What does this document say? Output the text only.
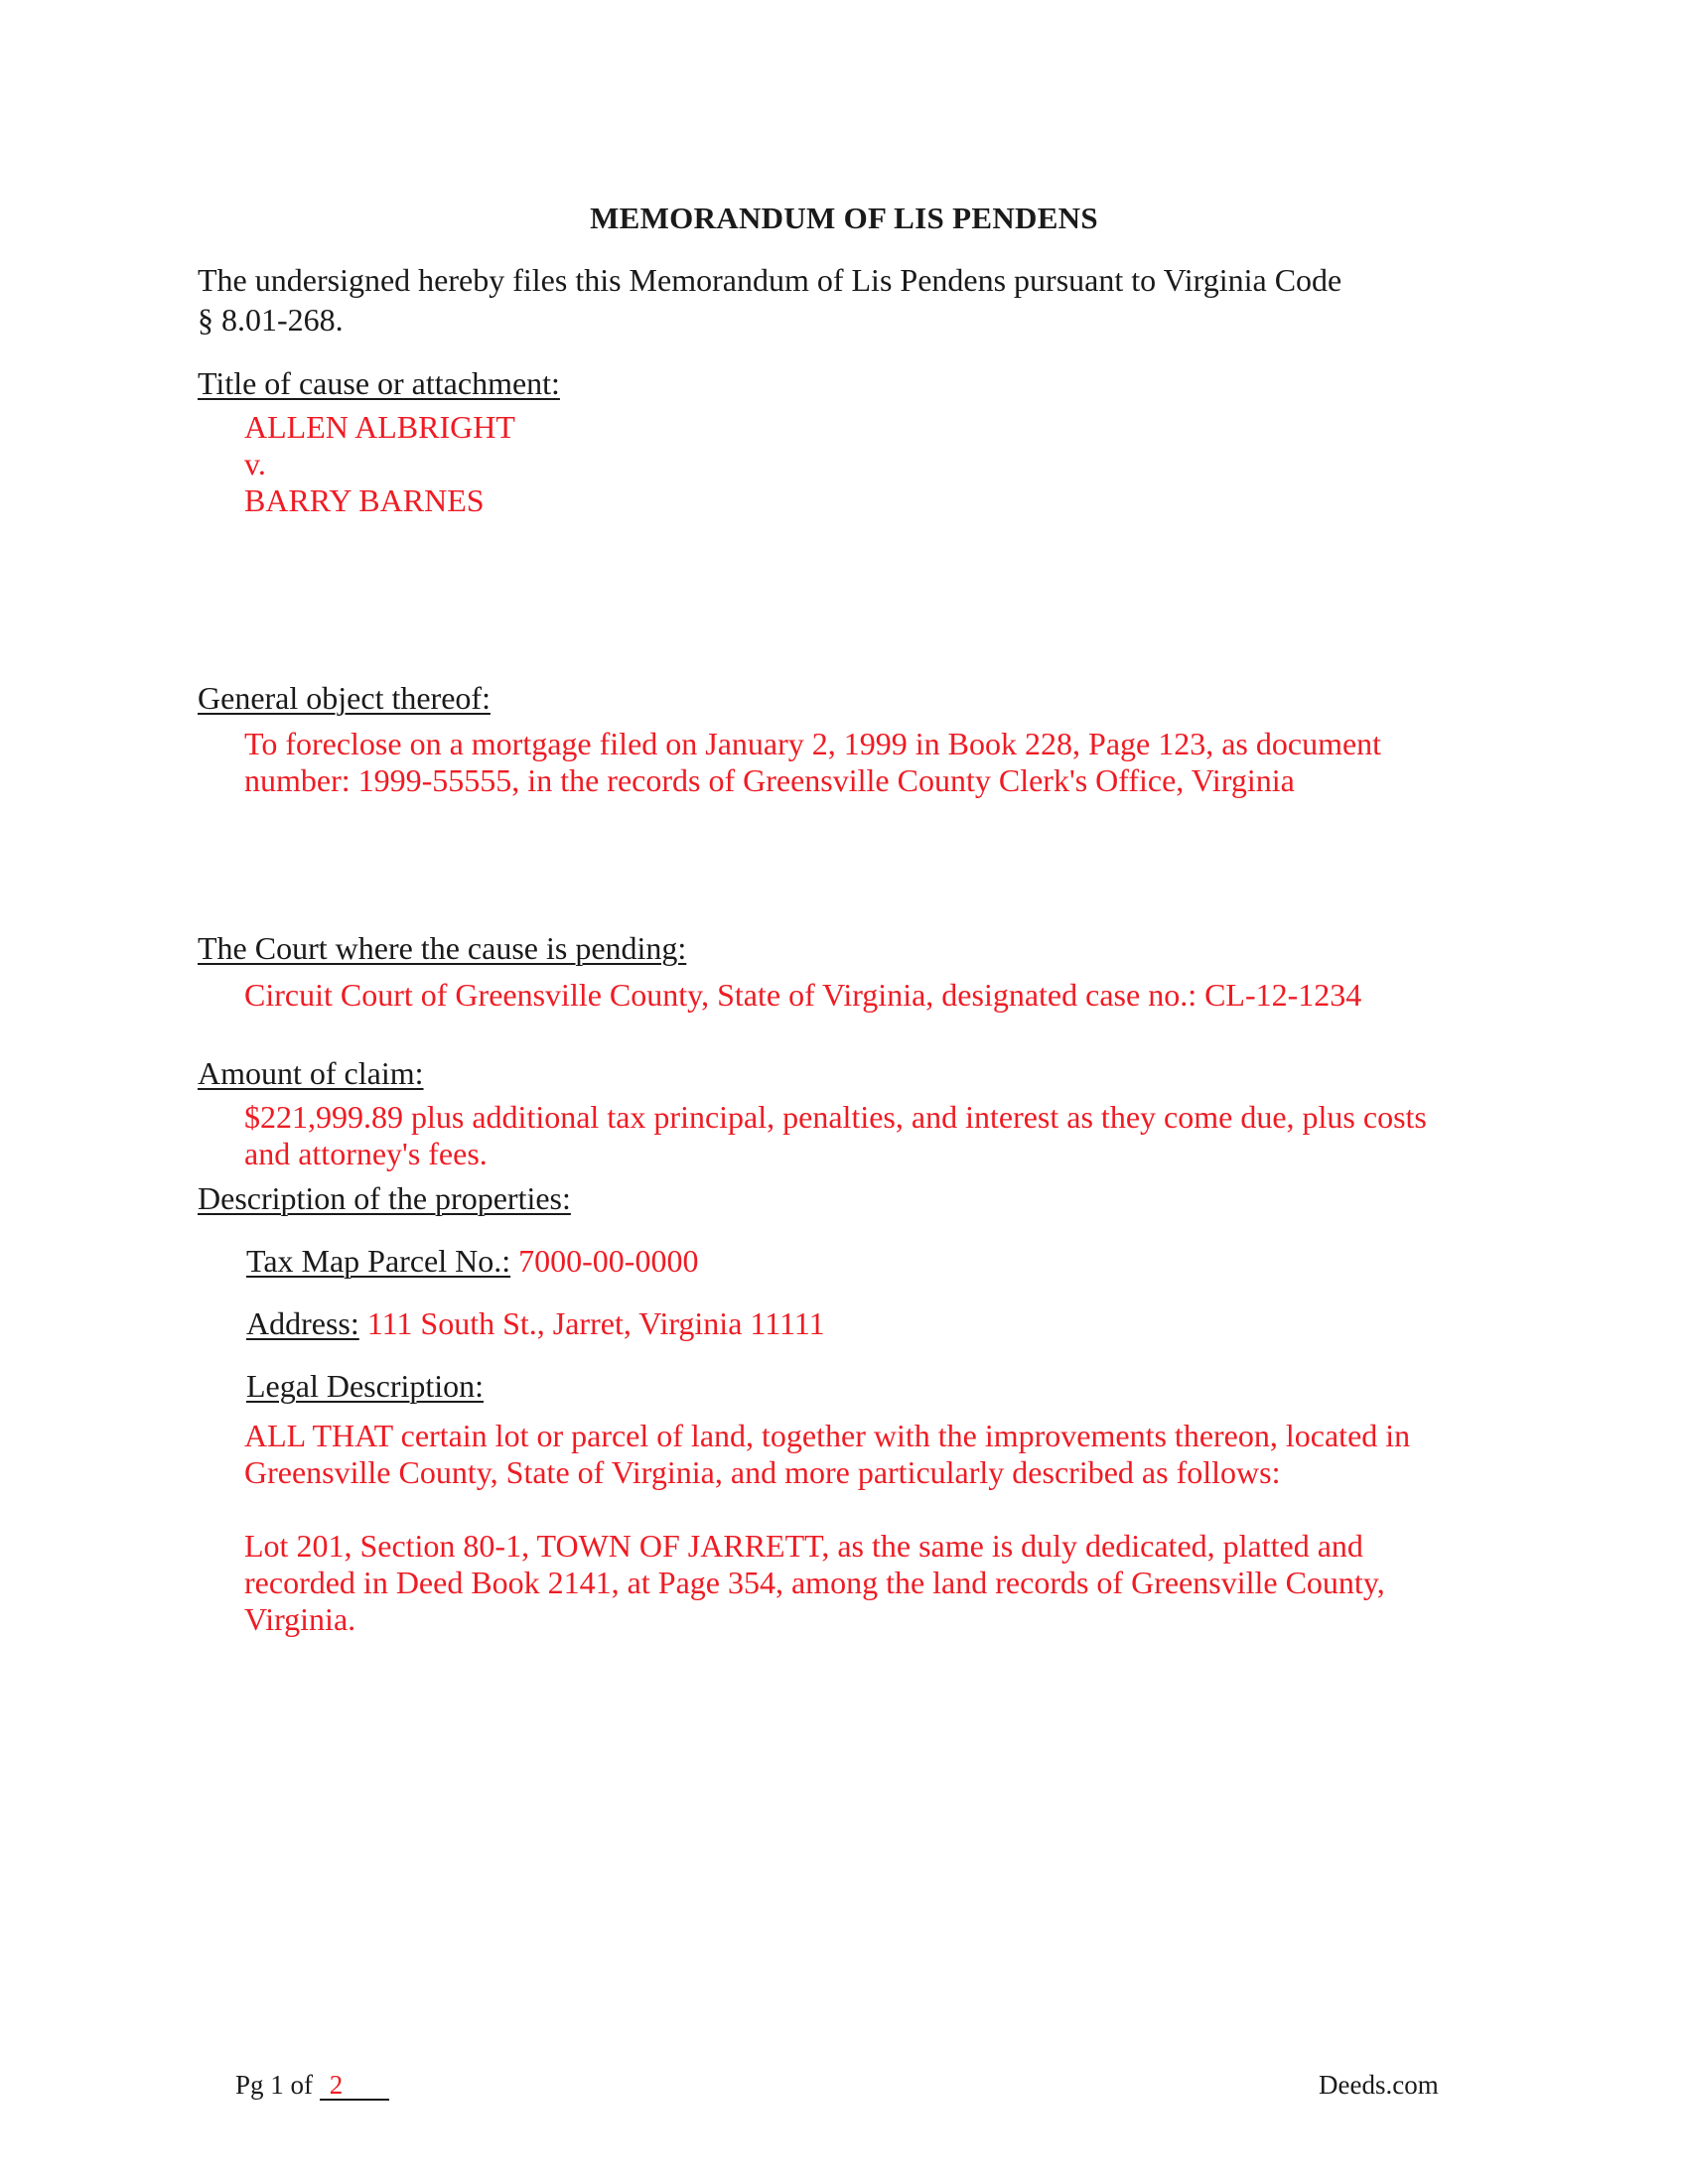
MEMORANDUM OF LIS PENDENS
The undersigned hereby files this Memorandum of Lis Pendens pursuant to Virginia Code
§ 8.01-268.
Title of cause or attachment:
ALLEN ALBRIGHT
v.
BARRY BARNES
General object thereof:
To foreclose on a mortgage filed on January 2, 1999 in Book 228, Page 123, as document
number: 1999-55555, in the records of Greensville County Clerk's Office, Virginia
The Court where the cause is pending:
Circuit Court of Greensville County, State of Virginia, designated case no.: CL-12-1234
Amount of claim:
$221,999.89 plus additional tax principal, penalties, and interest as they come due, plus costs
and attorney's fees.
Description of the properties:
Tax Map Parcel No.: 7000-00-0000
Address: 111 South St., Jarret, Virginia 11111
Legal Description:
ALL THAT certain lot or parcel of land, together with the improvements thereon, located in
Greensville County, State of Virginia, and more particularly described as follows:
Lot 201, Section 80-1, TOWN OF JARRETT, as the same is duly dedicated, platted and
recorded in Deed Book 2141, at Page 354, among the land records of Greensville County,
Virginia.
Pg 1 of 2	Deeds.com
